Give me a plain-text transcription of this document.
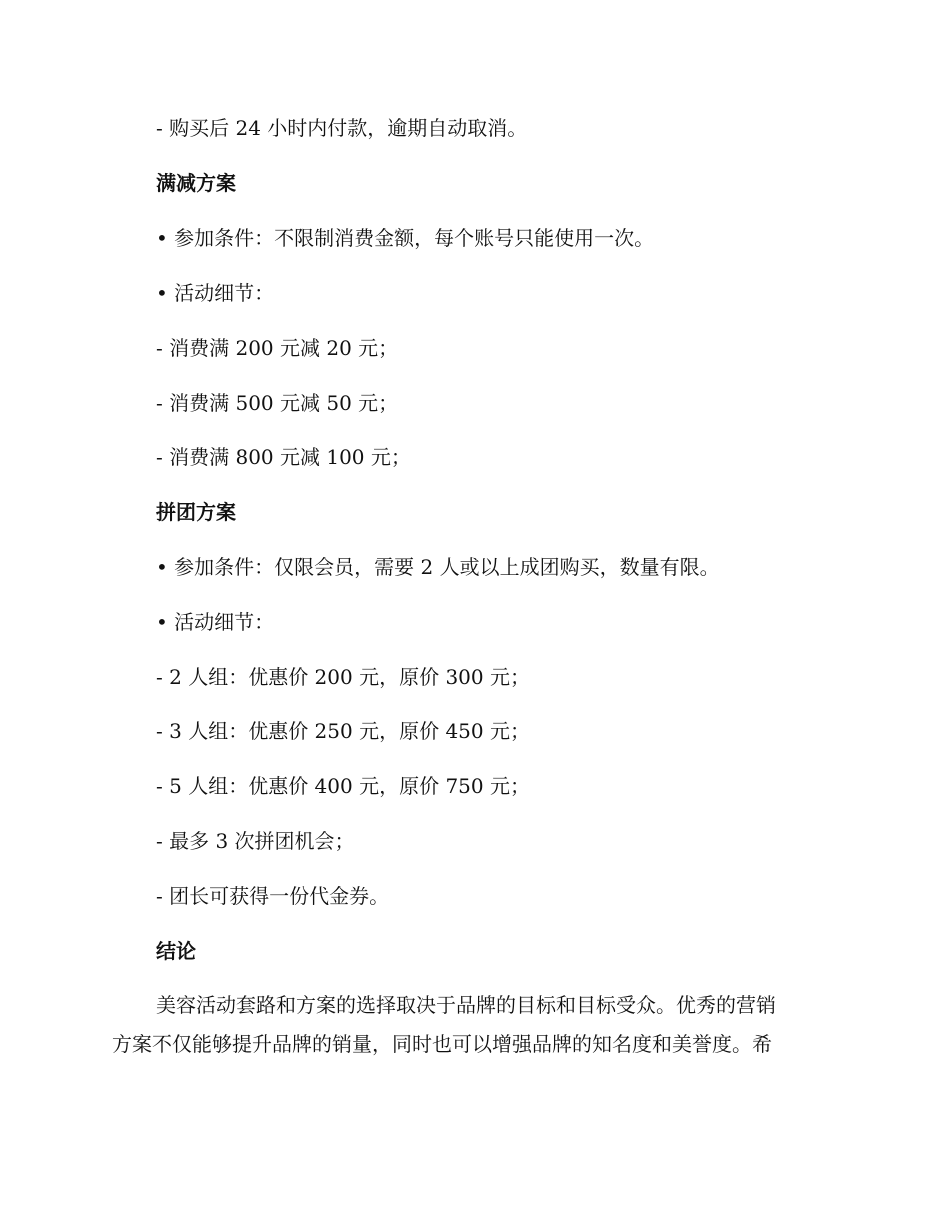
- 购买后 24 小时内付款，逾期自动取消。
满减方案
• 参加条件：不限制消费金额，每个账号只能使用一次。
• 活动细节：
- 消费满 200 元减 20 元；
- 消费满 500 元减 50 元；
- 消费满 800 元减 100 元；
拼团方案
• 参加条件：仅限会员，需要 2 人或以上成团购买，数量有限。
• 活动细节：
- 2 人组：优惠价 200 元，原价 300 元；
- 3 人组：优惠价 250 元，原价 450 元；
- 5 人组：优惠价 400 元，原价 750 元；
- 最多 3 次拼团机会；
- 团长可获得一份代金券。
结论
美容活动套路和方案的选择取决于品牌的目标和目标受众。优秀的营销
方案不仅能够提升品牌的销量，同时也可以增强品牌的知名度和美誉度。希
